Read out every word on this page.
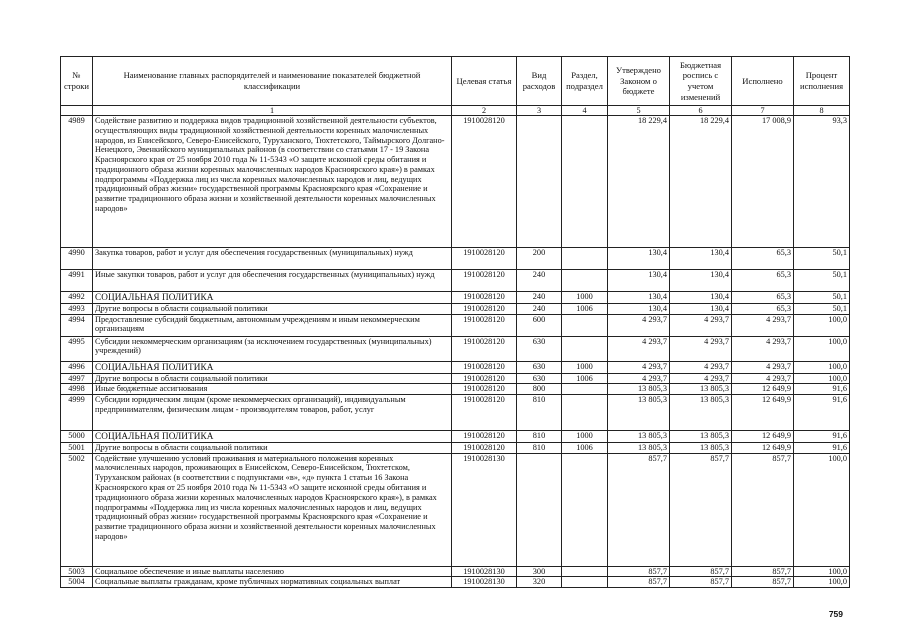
№ строки	Наименование главных распорядителей и наименование показателей бюджетной классификации	Целевая статья	Вид расходов	Раздел, подраздел	Утверждено Законом о бюджете	Бюджетная роспись с учетом изменений	Исполнено	Процент исполнения
	1	2	3	4	5	6	7	8
4989	Содействие развитию и поддержка видов традиционной хозяйственной деятельности субъектов, осуществляющих виды традиционной хозяйственной деятельности коренных малочисленных народов, из Енисейского, Северо-Енисейского, Туруханского, Тюхтетского, Таймырского Долгано-Ненецкого, Эвенкийского муниципальных районов (в соответствии со статьями 17 - 19 Закона Красноярского края от 25 ноября 2010 года № 11-5343 «О защите исконной среды обитания и традиционного образа жизни коренных малочисленных народов Красноярского края») в рамках подпрограммы «Поддержка лиц из числа коренных малочисленных народов и лиц, ведущих традиционный образ жизни» государственной программы Красноярского края «Сохранение и развитие традиционного образа жизни и хозяйственной деятельности коренных малочисленных народов»	1910028120			18 229,4	18 229,4	17 008,9	93,3
4990	Закупка товаров, работ и услуг для обеспечения государственных (муниципальных) нужд	1910028120	200		130,4	130,4	65,3	50,1
4991	Иные закупки товаров, работ и услуг для обеспечения государственных (муниципальных) нужд	1910028120	240		130,4	130,4	65,3	50,1
4992	СОЦИАЛЬНАЯ ПОЛИТИКА	1910028120	240	1000	130,4	130,4	65,3	50,1
4993	Другие вопросы в области социальной политики	1910028120	240	1006	130,4	130,4	65,3	50,1
4994	Предоставление субсидий бюджетным, автономным учреждениям и иным некоммерческим организациям	1910028120	600		4 293,7	4 293,7	4 293,7	100,0
4995	Субсидии некоммерческим организациям (за исключением государственных (муниципальных) учреждений)	1910028120	630		4 293,7	4 293,7	4 293,7	100,0
4996	СОЦИАЛЬНАЯ ПОЛИТИКА	1910028120	630	1000	4 293,7	4 293,7	4 293,7	100,0
4997	Другие вопросы в области социальной политики	1910028120	630	1006	4 293,7	4 293,7	4 293,7	100,0
4998	Иные бюджетные ассигнования	1910028120	800		13 805,3	13 805,3	12 649,9	91,6
4999	Субсидии юридическим лицам (кроме некоммерческих организаций), индивидуальным предпринимателям, физическим лицам - производителям товаров, работ, услуг	1910028120	810		13 805,3	13 805,3	12 649,9	91,6
5000	СОЦИАЛЬНАЯ ПОЛИТИКА	1910028120	810	1000	13 805,3	13 805,3	12 649,9	91,6
5001	Другие вопросы в области социальной политики	1910028120	810	1006	13 805,3	13 805,3	12 649,9	91,6
5002	Содействие улучшению условий проживания и материального положения коренных малочисленных народов, проживающих в Енисейском, Северо-Енисейском, Тюхтетском, Туруханском районах (в соответствии с подпунктами «в», «д» пункта 1 статьи 16 Закона Красноярского края от 25 ноября 2010 года № 11-5343 «О защите исконной среды обитания и традиционного образа жизни коренных малочисленных народов Красноярского края»), в рамках подпрограммы «Поддержка лиц из числа коренных малочисленных народов и лиц, ведущих традиционный образ жизни» государственной программы Красноярского края «Сохранение и развитие традиционного образа жизни и хозяйственной деятельности коренных малочисленных народов»	1910028130			857,7	857,7	857,7	100,0
5003	Социальное обеспечение и иные выплаты населению	1910028130	300		857,7	857,7	857,7	100,0
5004	Социальные выплаты гражданам, кроме публичных нормативных социальных выплат	1910028130	320		857,7	857,7	857,7	100,0
759
